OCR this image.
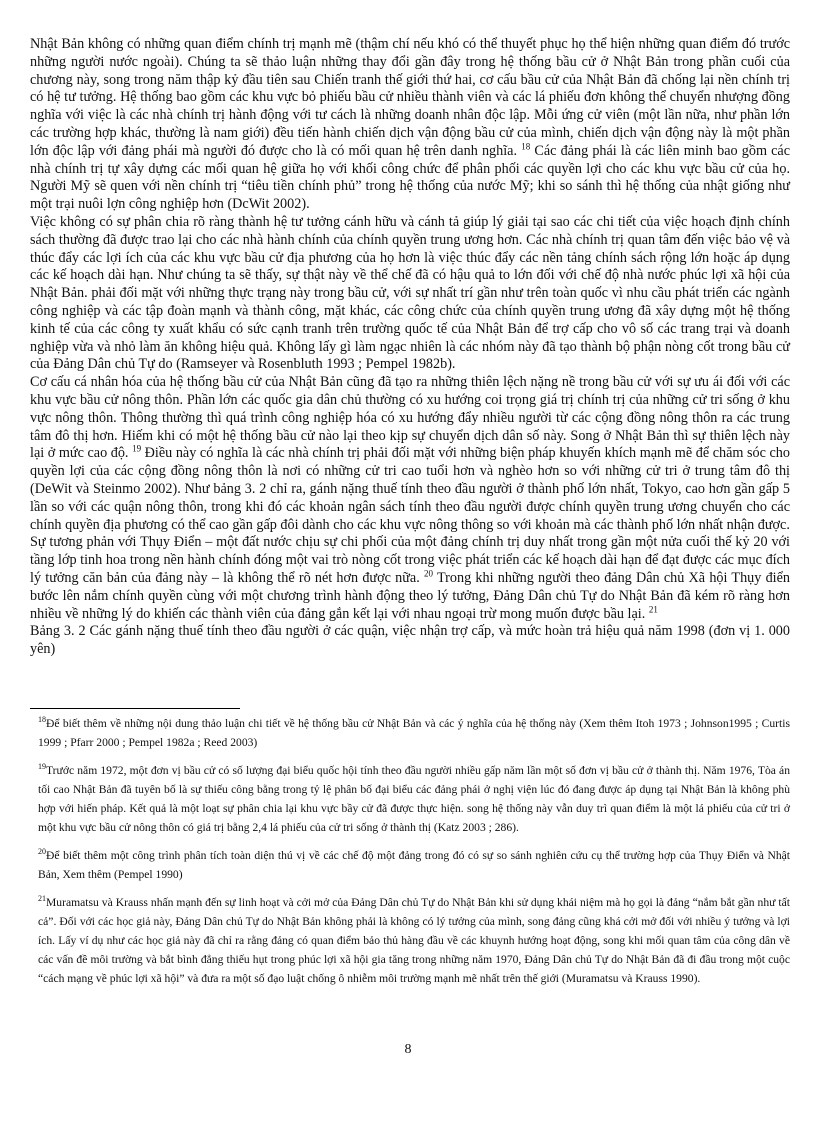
Nhật Bản không có những quan điểm chính trị mạnh mẽ (thậm chí nếu khó có thể thuyết phục họ thể hiện những quan điểm đó trước những người nước ngoài). Chúng ta sẽ thảo luận những thay đổi gần đây trong hệ thống bầu cử ở Nhật Bản trong phần cuối của chương này, song trong năm thập kỷ đầu tiên sau Chiến tranh thế giới thứ hai, cơ cấu bầu cử của Nhật Bản đã chống lại nền chính trị có hệ tư tưởng. Hệ thống bao gồm các khu vực bỏ phiếu bầu cử nhiều thành viên và các lá phiếu đơn không thể chuyển nhượng đồng nghĩa với việc là các nhà chính trị hành động với tư cách là những doanh nhân độc lập. Mỗi ứng cử viên (một lần nữa, như phần lớn các trường hợp khác, thường là nam giới) đều tiến hành chiến dịch vận động bầu cử của mình, chiến dịch vận động này là một phần lớn độc lập với đảng phái mà người đó được cho là có mối quan hệ trên danh nghĩa. $^{18}$ Các đảng phái là các liên minh bao gồm các nhà chính trị tự xây dựng các mối quan hệ giữa họ với khối công chức để phân phối các quyền lợi cho các khu vực bầu cử của họ. Người Mỹ sẽ quen với nền chính trị “tiêu tiền chính phủ” trong hệ thống của nước Mỹ; khi so sánh thì hệ thống của nhật giống như một trại nuôi lợn công nghiệp hơn (DcWit 2002).

Việc không có sự phân chia rõ ràng thành hệ tư tưởng cánh hữu và cánh tả giúp lý giải tại sao các chi tiết của việc hoạch định chính sách thường đã được trao lại cho các nhà hành chính của chính quyền trung ương hơn. Các nhà chính trị quan tâm đến việc bảo vệ và thúc đẩy các lợi ích của các khu vực bầu cử địa phương của họ hơn là việc thúc đẩy các nền tảng chính sách rộng lớn hoặc áp dụng các kế hoạch dài hạn. Như chúng ta sẽ thấy, sự thật này về thể chế đã có hậu quả to lớn đối với chế độ nhà nước phúc lợi xã hội của Nhật Bản. phải đối mặt với những thực trạng này trong bầu cử, với sự nhất trí gần như trên toàn quốc vì nhu cầu phát triển các ngành công nghiệp và các tập đoàn mạnh và thành công, mặt khác, các công chức của chính quyền trung ương đã xây dựng một hệ thống kinh tế của các công ty xuất khẩu có sức cạnh tranh trên trường quốc tế của Nhật Bản để trợ cấp cho vô số các trang trại và doanh nghiệp vừa và nhỏ làm ăn không hiệu quả. Không lấy gì làm ngạc nhiên là các nhóm này đã tạo thành bộ phận nòng cốt trong bầu cử của Đảng Dân chủ Tự do (Ramseyer và Rosenbluth 1993 ; Pempel 1982b).

Cơ cấu cá nhân hóa của hệ thống bầu cử của Nhật Bản cũng đã tạo ra những thiên lệch nặng nề trong bầu cử với sự ưu ái đối với các khu vực bầu cử nông thôn. Phần lớn các quốc gia dân chủ thường có xu hướng coi trọng giá trị chính trị của những cử tri sống ở khu vực nông thôn. Thông thường thì quá trình công nghiệp hóa có xu hướng đẩy nhiều người từ các cộng đồng nông thôn ra các trung tâm đô thị hơn. Hiếm khi có một hệ thống bầu cử nào lại theo kịp sự chuyển dịch dân số này. Song ở Nhật Bản thì sự thiên lệch này lại ở mức cao độ. $^{19}$ Điều này có nghĩa là các nhà chính trị phải đối mặt với những biện pháp khuyến khích mạnh mẽ để chăm sóc cho quyền lợi của các cộng đồng nông thôn là nơi có những cử tri cao tuổi hơn và nghèo hơn so với những cử tri ở trung tâm đô thị (DeWit và Steinmo 2002). Như bảng 3. 2 chỉ ra, gánh nặng thuế tính theo đầu người ở thành phố lớn nhất, Tokyo, cao hơn gần gấp 5 lần so với các quận nông thôn, trong khi đó các khoản ngân sách tính theo đầu người được chính quyền trung ương chuyển cho các chính quyền địa phương có thể cao gần gấp đôi dành cho các khu vực nông thông so với khoản mà các thành phố lớn nhất nhận được.

Sự tương phản với Thụy Điển – một đất nước chịu sự chi phối của một đảng chính trị duy nhất trong gần một nửa cuối thế kỷ 20 với tầng lớp tinh hoa trong nền hành chính đóng một vai trò nòng cốt trong việc phát triển các kế hoạch dài hạn để đạt được các mục đích lý tưởng căn bản của đảng này – là không thể rõ nét hơn được nữa. $^{20}$ Trong khi những người theo đảng Dân chủ Xã hội Thụy điển bước lên nắm chính quyền cùng với một chương trình hành động theo lý tưởng, Đảng Dân chủ Tự do Nhật Bản đã kém rõ ràng hơn nhiều về những lý do khiến các thành viên của đảng gắn kết lại với nhau ngoại trừ mong muốn được bầu lại. $^{21}$

Bảng 3. 2 Các gánh nặng thuế tính theo đầu người ở các quận, việc nhận trợ cấp, và mức hoàn trả hiệu quả năm 1998 (đơn vị 1. 000 yên)

$^{18}$Để biết thêm về những nội dung thảo luận chi tiết về hệ thống bầu cử Nhật Bản và các ý nghĩa của hệ thống này (Xem thêm Itoh 1973 ; Johnson1995 ; Curtis 1999 ; Pfarr 2000 ; Pempel 1982a ; Reed 2003)

$^{19}$Trước năm 1972, một đơn vị bầu cử có số lượng đại biểu quốc hội tính theo đầu người nhiều gấp năm lần một số đơn vị bầu cử ở thành thị. Năm 1976, Tòa án tối cao Nhật Bản đã tuyên bố là sự thiếu công bằng trong tỷ lệ phân bố đại biểu các đảng phái ở nghị viện lúc đó đang được áp dụng tại Nhật Bản là không phù hợp với hiến pháp. Kết quả là một loạt sự phân chia lại khu vực bầy cử đã được thực hiện. song hệ thống này vẫn duy trì quan điểm là một lá phiếu của cử tri ở một khu vực bầu cử nông thôn có giá trị bằng 2,4 lá phiếu của cử tri sống ở thành thị (Katz 2003 ; 286).

$^{20}$Để biết thêm một công trình phân tích toàn diện thú vị về các chế độ một đảng trong đó có sự so sánh nghiên cứu cụ thể trường hợp của Thụy Điển và Nhật Bản, Xem thêm (Pempel 1990)

$^{21}$Muramatsu và Krauss nhấn mạnh đến sự linh hoạt và cởi mở của Đảng Dân chủ Tự do Nhật Bản khi sử dụng khái niệm mà họ gọi là đảng “nắm bắt gần như tất cả”. Đối với các học giả này, Đảng Dân chủ Tự do Nhật Bản không phải là không có lý tưởng của mình, song đảng cũng khá cởi mở đối với nhiều ý tưởng và lợi ích. Lấy ví dụ như các học giả này đã chỉ ra rằng đảng có quan điểm bảo thủ hàng đầu về các khuynh hướng hoạt động, song khi mối quan tâm của công dân về các vấn đề môi trường và bắt bình đẳng thiếu hụt trong phúc lợi xã hội gia tăng trong những năm 1970, Đảng Dân chủ Tự do Nhật Bản đã đi đầu trong một cuộc “cách mạng về phúc lợi xã hội” và đưa ra một số đạo luật chống ô nhiễm môi trường mạnh mẽ nhất trên thế giới (Muramatsu và Krauss 1990).

8
